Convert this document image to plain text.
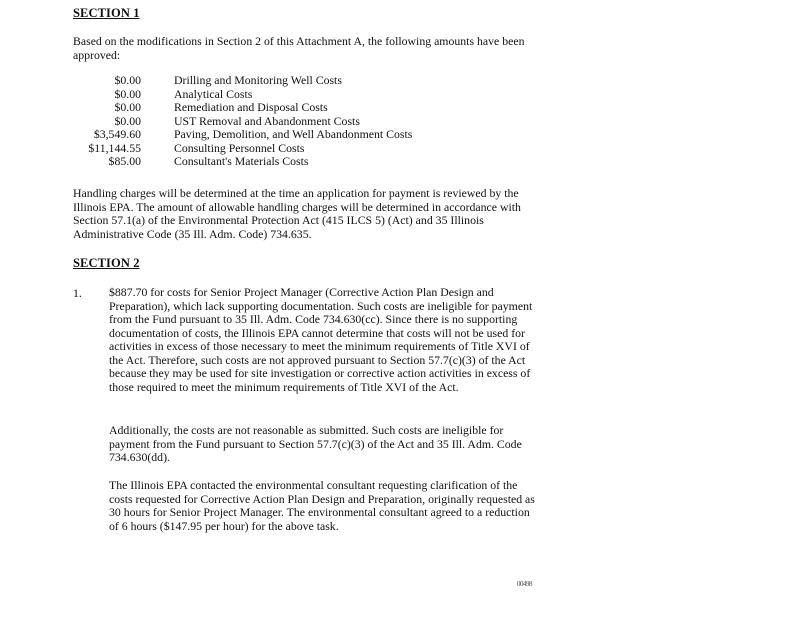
SECTION 1

Based on the modifications in Section 2 of this Attachment A, the following amounts have been approved:

$0.00	Drilling and Monitoring Well Costs
$0.00	Analytical Costs
$0.00	Remediation and Disposal Costs
$0.00	UST Removal and Abandonment Costs
$3,549.60	Paving, Demolition, and Well Abandonment Costs
$11,144.55	Consulting Personnel Costs
$85.00	Consultant's Materials Costs

Handling charges will be determined at the time an application for payment is reviewed by the Illinois EPA. The amount of allowable handling charges will be determined in accordance with Section 57.1(a) of the Environmental Protection Act (415 ILCS 5) (Act) and 35 Illinois Administrative Code (35 Ill. Adm. Code) 734.635.

SECTION 2
1. $887.70 for costs for Senior Project Manager (Corrective Action Plan Design and Preparation), which lack supporting documentation. Such costs are ineligible for payment from the Fund pursuant to 35 Ill. Adm. Code 734.630(cc). Since there is no supporting documentation of costs, the Illinois EPA cannot determine that costs will not be used for activities in excess of those necessary to meet the minimum requirements of Title XVI of the Act. Therefore, such costs are not approved pursuant to Section 57.7(c)(3) of the Act because they may be used for site investigation or corrective action activities in excess of those required to meet the minimum requirements of Title XVI of the Act.

Additionally, the costs are not reasonable as submitted. Such costs are ineligible for payment from the Fund pursuant to Section 57.7(c)(3) of the Act and 35 Ill. Adm. Code 734.630(dd).

The Illinois EPA contacted the environmental consultant requesting clarification of the costs requested for Corrective Action Plan Design and Preparation, originally requested as 30 hours for Senior Project Manager. The environmental consultant agreed to a reduction of 6 hours ($147.95 per hour) for the above task.

00498
